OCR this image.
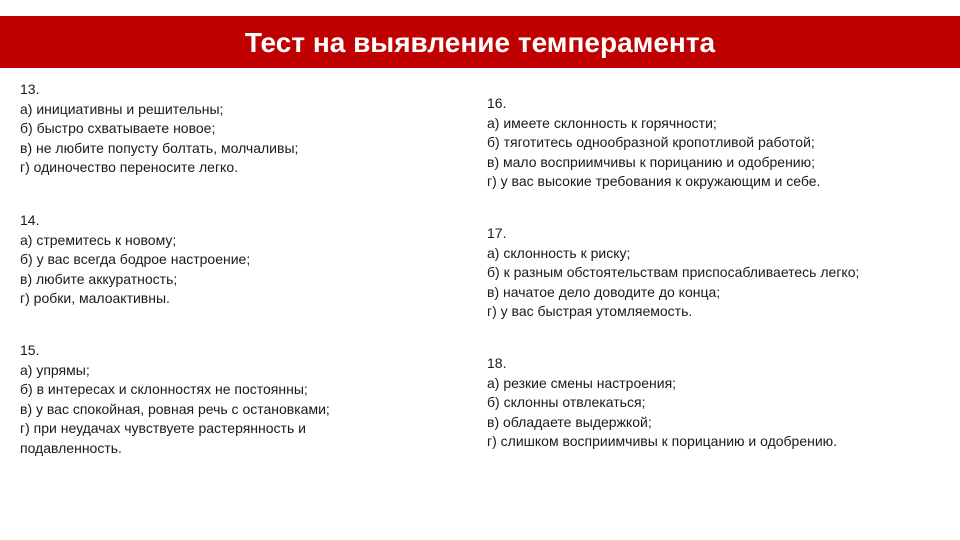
Тест на выявление темперамента
13.
а) инициативны и решительны;
б) быстро схватываете новое;
в) не любите попусту болтать, молчаливы;
г) одиночество переносите легко.
14.
а) стремитесь к новому;
б) у вас всегда бодрое настроение;
в) любите аккуратность;
г) робки, малоактивны.
15.
а) упрямы;
б) в интересах и склонностях не постоянны;
в) у вас спокойная, ровная речь с остановками;
г) при неудачах чувствуете растерянность и подавленность.
16.
а) имеете склонность к горячности;
б) тяготитесь однообразной кропотливой работой;
в) мало восприимчивы к порицанию и одобрению;
г) у вас высокие требования к окружающим и себе.
17.
а) склонность к риску;
б) к разным обстоятельствам приспосабливаетесь легко;
в) начатое дело доводите до конца;
г) у вас быстрая утомляемость.
18.
а) резкие смены настроения;
б) склонны отвлекаться;
в) обладаете выдержкой;
г) слишком восприимчивы к порицанию и одобрению.
